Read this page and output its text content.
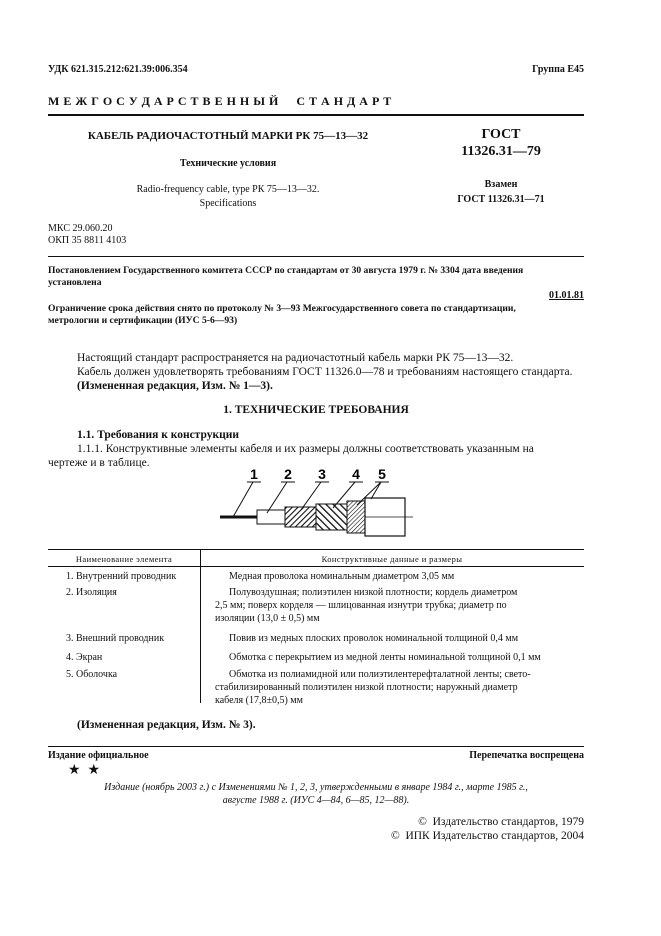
УДК 621.315.212:621.39:006.354	Группа Е45
М Е Ж Г О С У Д А Р С Т В Е Н Н Ы Й     С Т А Н Д А Р Т
КАБЕЛЬ РАДИОЧАСТОТНЫЙ МАРКИ РК 75—13—32
Технические условия
Radio-frequency cable, type РК 75—13—32.
Specifications
ГОСТ
11326.31—79
Взамен
ГОСТ 11326.31—71
МКС 29.060.20
ОКП 35 8811 4103
Постановлением Государственного комитета СССР по стандартам от 30 августа 1979 г. № 3304 дата введения
установлена
01.01.81
Ограничение срока действия снято по протоколу № 3—93 Межгосударственного совета по стандартизации,
метрологии и сертификации (ИУС 5-6—93)
Настоящий стандарт распространяется на радиочастотный кабель марки РК 75—13—32.
Кабель должен удовлетворять требованиям ГОСТ 11326.0—78 и требованиям настоящего стандарта.
(Измененная редакция, Изм. № 1—3).
1. ТЕХНИЧЕСКИЕ ТРЕБОВАНИЯ
1.1. Требования к конструкции
1.1.1. Конструктивные элементы кабеля и их размеры должны соответствовать указанным на
чертеже и в таблице.
1 2 3 4 5
Наименование элемента	Конструктивные данные и размеры
1. Внутренний проводник	Медная проволока номинальным диаметром 3,05 мм
2. Изоляция	Полувоздушная; полиэтилен низкой плотности; кордель диаметром
2,5 мм; поверх корделя — шлицованная изнутри трубка; диаметр по
изоляции (13,0 ± 0,5) мм
3. Внешний проводник	Повив из медных плоских проволок номинальной толщиной 0,4 мм
4. Экран	Обмотка с перекрытием из медной ленты номинальной толщиной 0,1 мм
5. Оболочка	Обмотка из полиамидной или полиэтилентерефталатной ленты; свето-
стабилизированный полиэтилен низкой плотности; наружный диаметр
кабеля (17,8±0,5) мм
(Измененная редакция, Изм. № 3).
Издание официальное	Перепечатка воспрещена
★  ★
Издание (ноябрь 2003 г.) с Изменениями № 1, 2, 3, утвержденными в январе 1984 г., марте 1985 г.,
августе 1988 г. (ИУС 4—84, 6—85, 12—88).
©  Издательство стандартов, 1979
©  ИПК Издательство стандартов, 2004
